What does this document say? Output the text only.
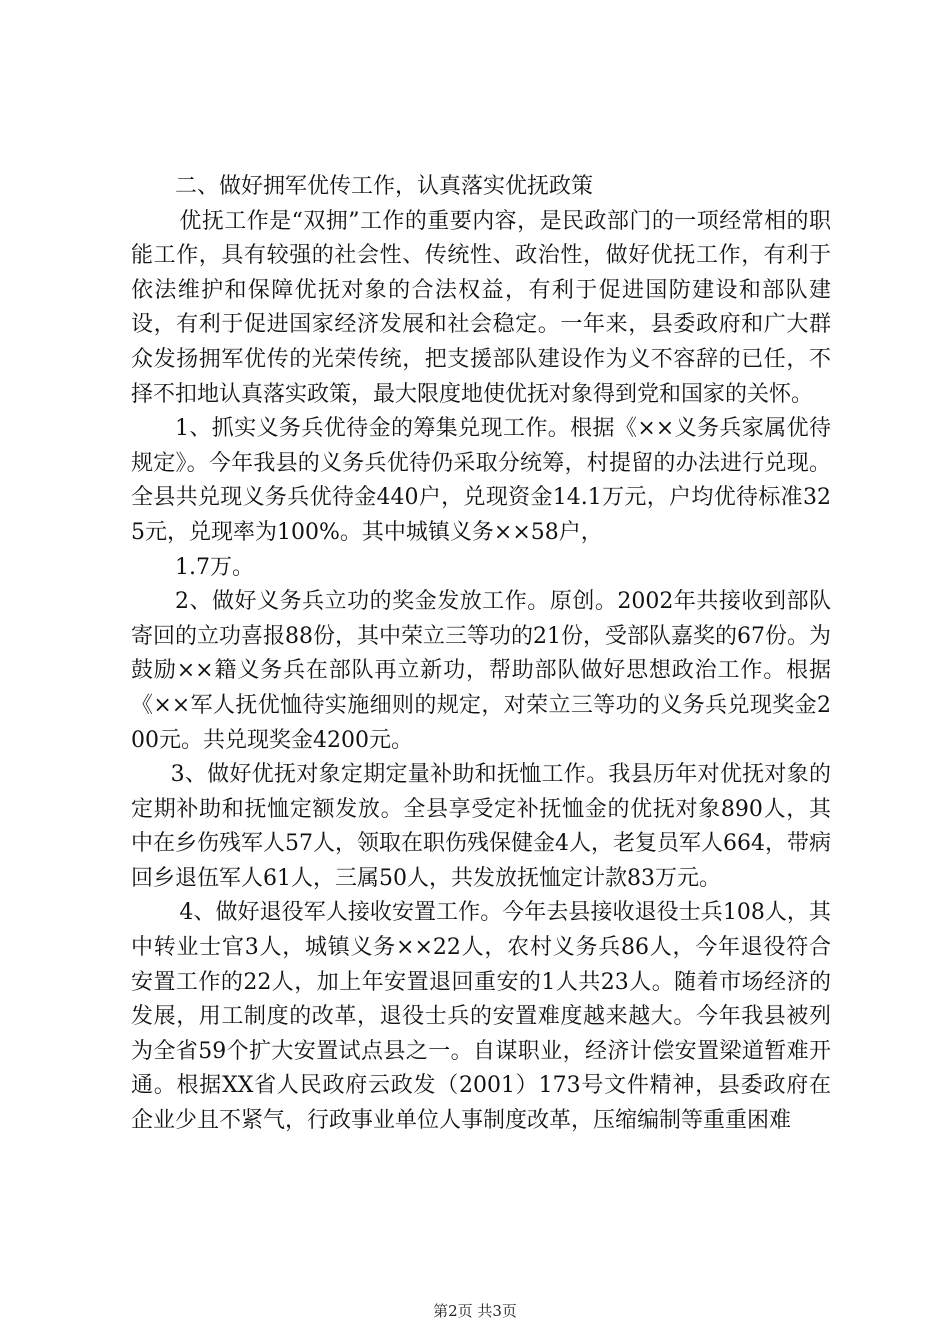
二、做好拥军优传工作，认真落实优抚政策

优抚工作是“双拥”工作的重要内容，是民政部门的一项经常相的职能工作，具有较强的社会性、传统性、政治性，做好优抚工作，有利于依法维护和保障优抚对象的合法权益，有利于促进国防建设和部队建设，有利于促进国家经济发展和社会稳定。一年来，县委政府和广大群众发扬拥军优传的光荣传统，把支援部队建设作为义不容辞的已任，不择不扣地认真落实政策，最大限度地使优抚对象得到党和国家的关怀。

1、抓实义务兵优待金的筹集兑现工作。根据《××义务兵家属优待规定》。今年我县的义务兵优待仍采取分统筹，村提留的办法进行兑现。全县共兑现义务兵优待金440户，兑现资金14.1万元，户均优待标准325元，兑现率为100%。其中城镇义务××58户，

1.7万。

2、做好义务兵立功的奖金发放工作。原创。2002年共接收到部队寄回的立功喜报88份，其中荣立三等功的21份，受部队嘉奖的67份。为鼓励××籍义务兵在部队再立新功，帮助部队做好思想政治工作。根据《××军人抚优恤待实施细则的规定，对荣立三等功的义务兵兑现奖金200元。共兑现奖金4200元。

3、做好优抚对象定期定量补助和抚恤工作。我县历年对优抚对象的定期补助和抚恤定额发放。全县享受定补抚恤金的优抚对象890人，其中在乡伤残军人57人，领取在职伤残保健金4人，老复员军人664，带病回乡退伍军人61人，三属50人，共发放抚恤定计款83万元。

4、做好退役军人接收安置工作。今年去县接收退役士兵108人，其中转业士官3人，城镇义务××22人，农村义务兵86人，今年退役符合安置工作的22人，加上年安置退回重安的1人共23人。随着市场经济的发展，用工制度的改革，退役士兵的安置难度越来越大。今年我县被列为全省59个扩大安置试点县之一。自谋职业，经济计偿安置梁道暂难开通。根据XX省人民政府云政发（2001）173号文件精神，县委政府在企业少且不紧气，行政事业单位人事制度改革，压缩编制等重重困难

第2页 共3页
